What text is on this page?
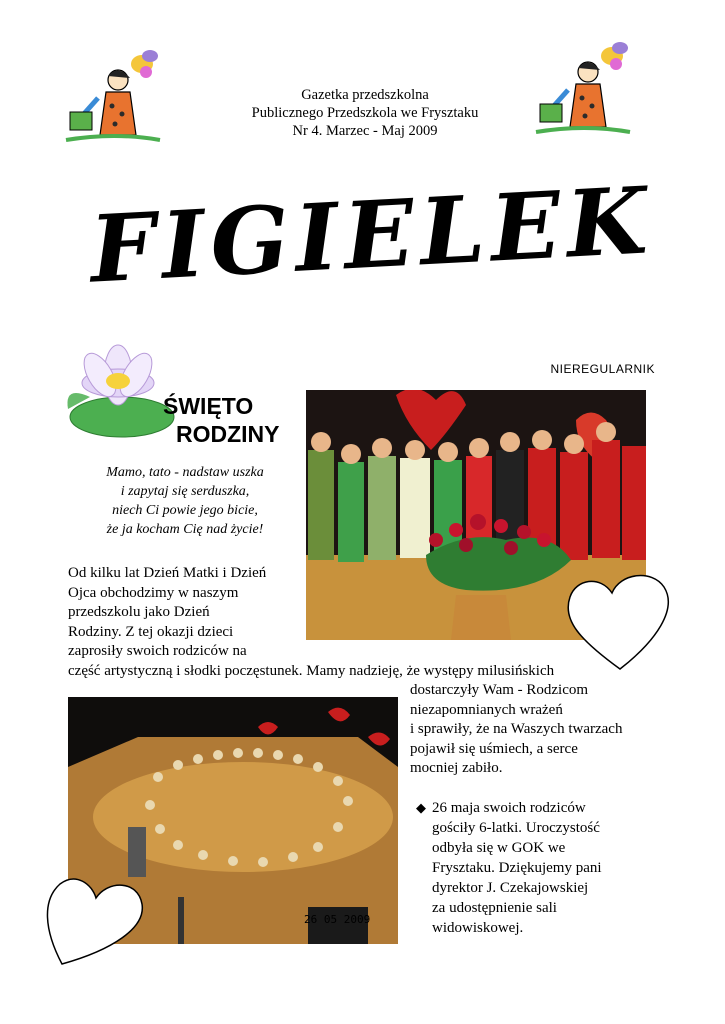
Gazetka przedszkolna
Publicznego Przedszkola we Frysztaku
Nr 4. Marzec - Maj 2009
FIGIELEK
NIEREGULARNIK
ŚWIĘTO
RODZINY
Mamo, tato - nadstaw uszka
i zapytaj się serduszka,
niech Ci powie jego bicie,
że ja kocham Cię nad życie!
Od kilku lat Dzień Matki i Dzień
Ojca obchodzimy w naszym
przedszkolu jako Dzień
Rodziny. Z tej okazji dzieci
zaprosiły swoich rodziców na
część artystyczną i słodki poczęstunek. Mamy nadzieję, że występy milusińskich
dostarczyły Wam - Rodzicom
niezapomnianych wrażeń
i sprawiły, że na Waszych twarzach
pojawił się uśmiech, a serce
mocniej zabiło.
26 05 2009
◆ 26 maja swoich rodziców
gościły 6-latki. Uroczystość
odbyła się w GOK we
Frysztaku. Dziękujemy pani
dyrektor J. Czekajowskiej
za udostępnienie sali
widowiskowej.
